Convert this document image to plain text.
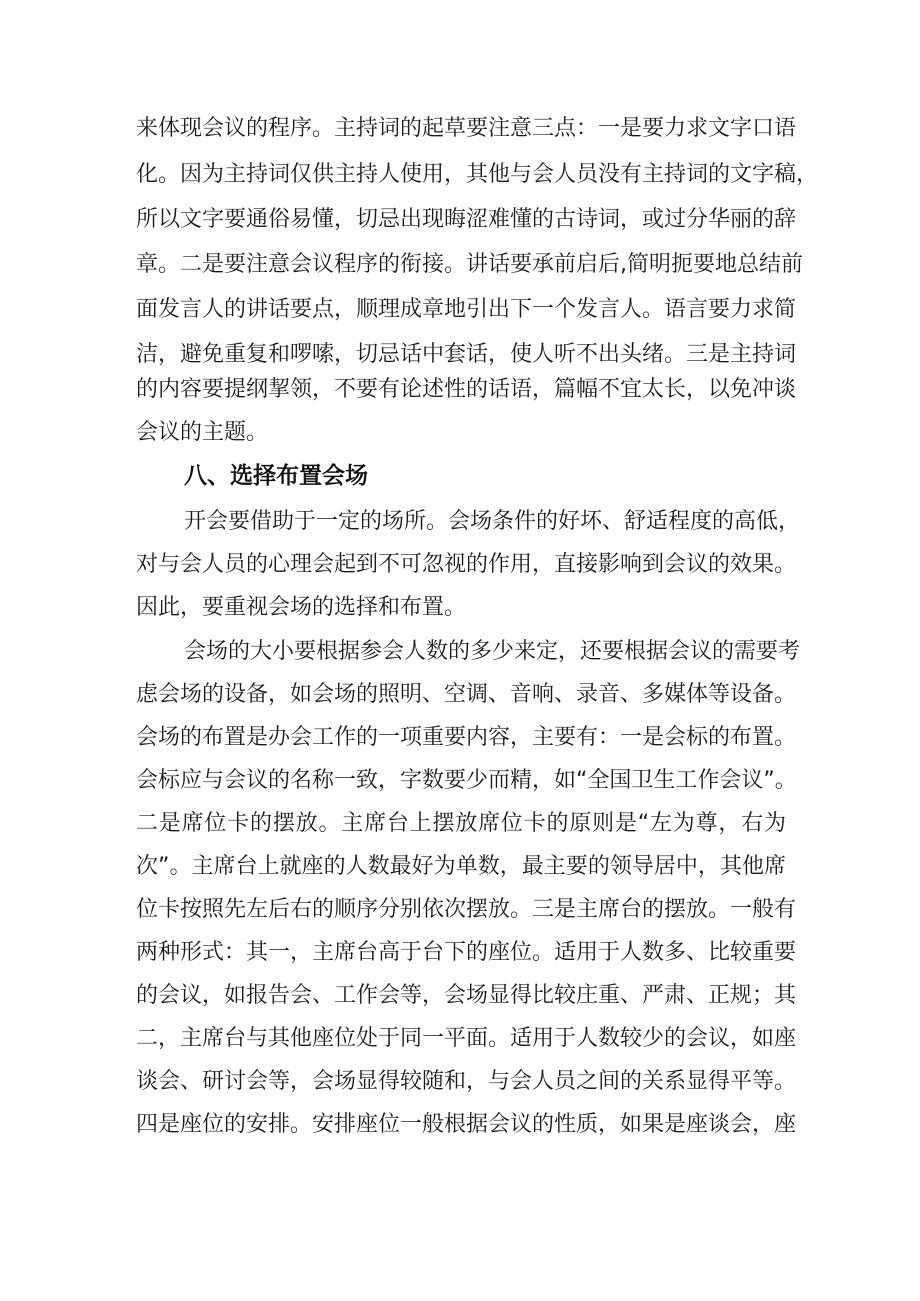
来体现会议的程序。主持词的起草要注意三点：一是要力求文字口语

化。因为主持词仅供主持人使用，其他与会人员没有主持词的文字稿，

所以文字要通俗易懂，切忌出现晦涩难懂的古诗词，或过分华丽的辞

章。二是要注意会议程序的衔接。讲话要承前启后,简明扼要地总结前

面发言人的讲话要点，顺理成章地引出下一个发言人。语言要力求简

洁，避免重复和啰嗦，切忌话中套话，使人听不出头绪。三是主持词

的内容要提纲挈领，不要有论述性的话语，篇幅不宜太长，以免冲谈

会议的主题。

八、选择布置会场

开会要借助于一定的场所。会场条件的好坏、舒适程度的高低，

对与会人员的心理会起到不可忽视的作用，直接影响到会议的效果。

因此，要重视会场的选择和布置。

会场的大小要根据参会人数的多少来定，还要根据会议的需要考

虑会场的设备，如会场的照明、空调、音响、录音、多媒体等设备。

会场的布置是办会工作的一项重要内容，主要有：一是会标的布置。

会标应与会议的名称一致，字数要少而精，如“全国卫生工作会议”。

二是席位卡的摆放。主席台上摆放席位卡的原则是“左为尊，右为

次”。主席台上就座的人数最好为单数，最主要的领导居中，其他席

位卡按照先左后右的顺序分别依次摆放。三是主席台的摆放。一般有

两种形式：其一，主席台高于台下的座位。适用于人数多、比较重要

的会议，如报告会、工作会等，会场显得比较庄重、严肃、正规；其

二，主席台与其他座位处于同一平面。适用于人数较少的会议，如座

谈会、研讨会等，会场显得较随和，与会人员之间的关系显得平等。

四是座位的安排。安排座位一般根据会议的性质，如果是座谈会，座
